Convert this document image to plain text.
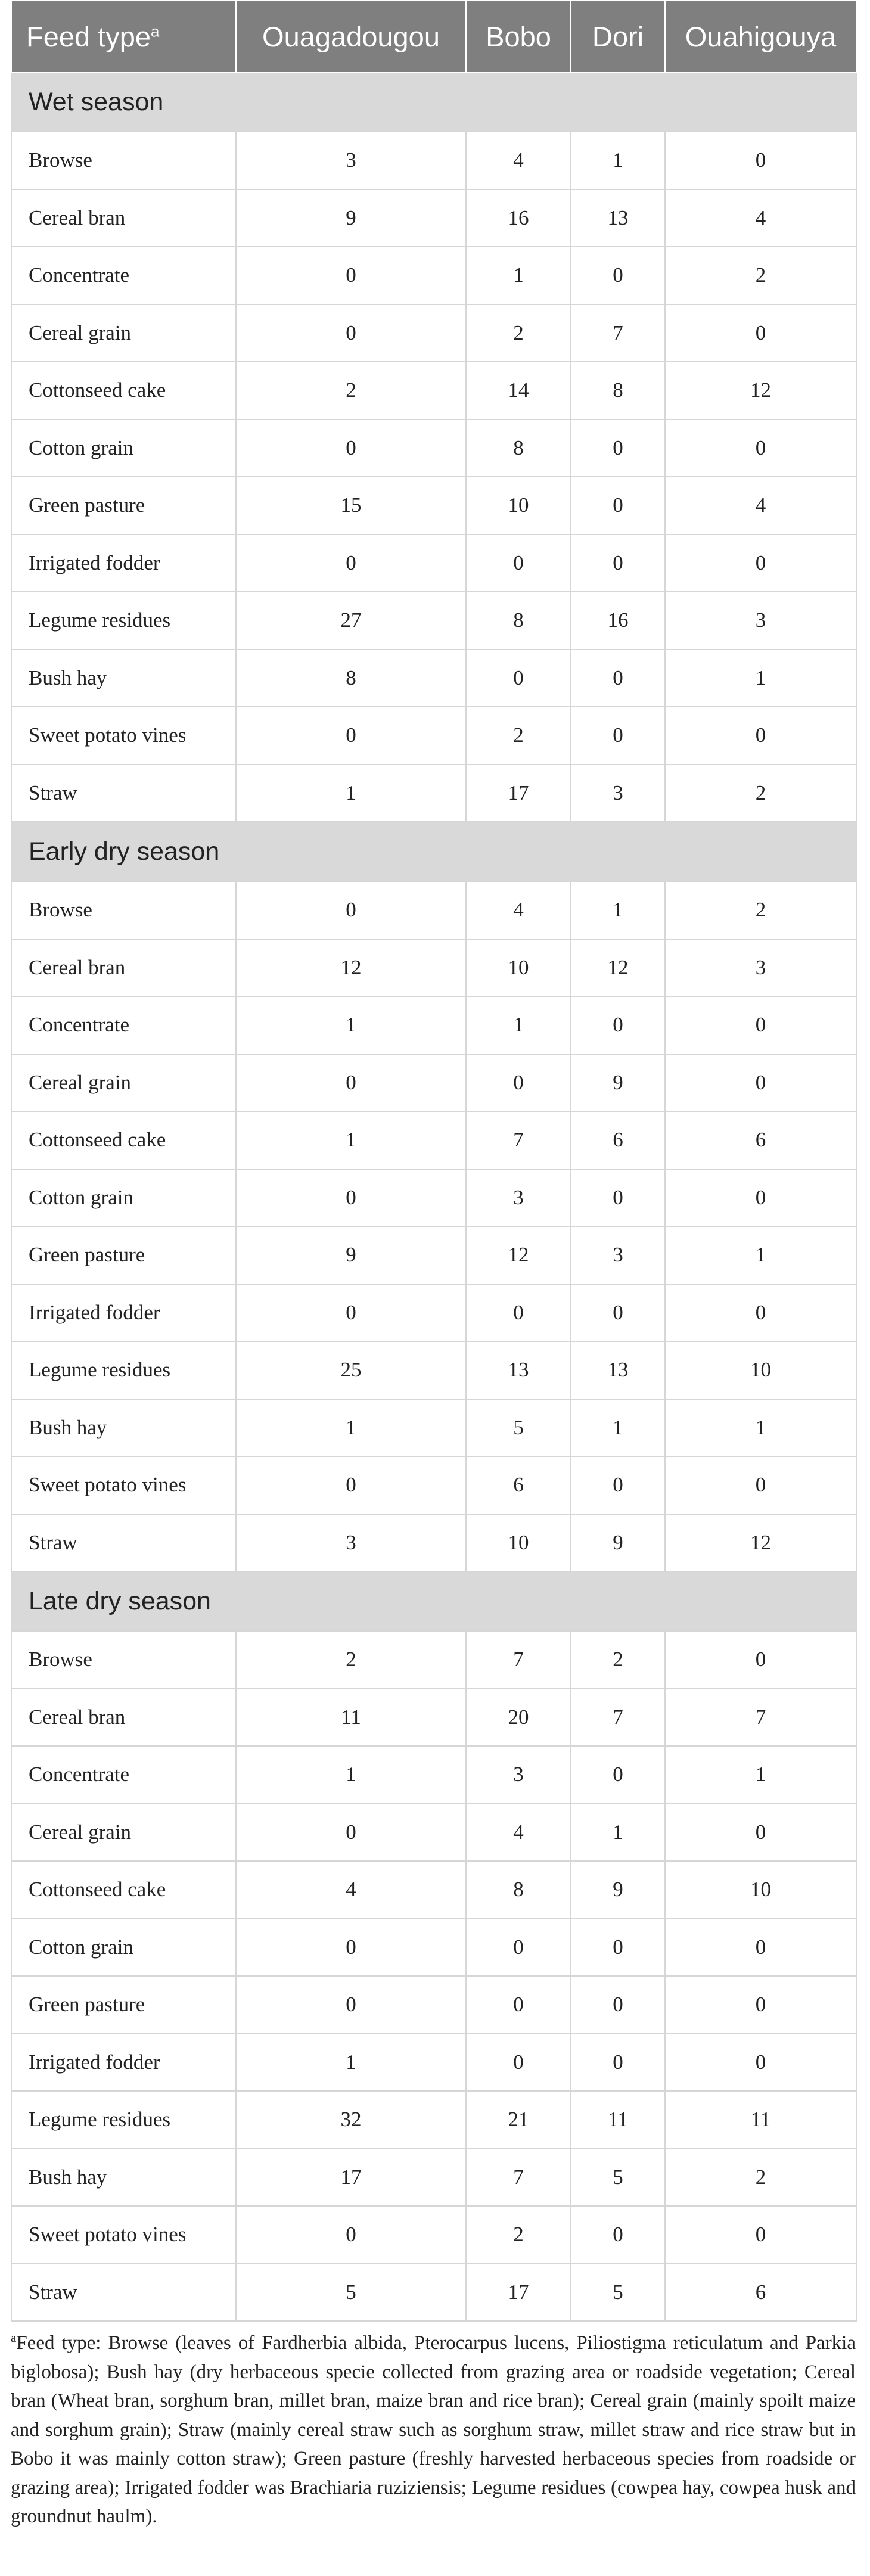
Feed type$^a$	Ouagadougou	Bobo	Dori	Ouahigouya
Wet season				
Browse	3	4	1	0
Cereal bran	9	16	13	4
Concentrate	0	1	0	2
Cereal grain	0	2	7	0
Cottonseed cake	2	14	8	12
Cotton grain	0	8	0	0
Green pasture	15	10	0	4
Irrigated fodder	0	0	0	0
Legume residues	27	8	16	3
Bush hay	8	0	0	1
Sweet potato vines	0	2	0	0
Straw	1	17	3	2
Early dry season				
Browse	0	4	1	2
Cereal bran	12	10	12	3
Concentrate	1	1	0	0
Cereal grain	0	0	9	0
Cottonseed cake	1	7	6	6
Cotton grain	0	3	0	0
Green pasture	9	12	3	1
Irrigated fodder	0	0	0	0
Legume residues	25	13	13	10
Bush hay	1	5	1	1
Sweet potato vines	0	6	0	0
Straw	3	10	9	12
Late dry season				
Browse	2	7	2	0
Cereal bran	11	20	7	7
Concentrate	1	3	0	1
Cereal grain	0	4	1	0
Cottonseed cake	4	8	9	10
Cotton grain	0	0	0	0
Green pasture	0	0	0	0
Irrigated fodder	1	0	0	0
Legume residues	32	21	11	11
Bush hay	17	7	5	2
Sweet potato vines	0	2	0	0
Straw	5	17	5	6
$^a$Feed type: Browse (leaves of Fardherbia albida, Pterocarpus lucens, Piliostigma reticulatum and Parkia biglobosa); Bush hay (dry herbaceous specie collected from grazing area or roadside vegetation; Cereal bran (Wheat bran, sorghum bran, millet bran, maize bran and rice bran); Cereal grain (mainly spoilt maize and sorghum grain); Straw (mainly cereal straw such as sorghum straw, millet straw and rice straw but in Bobo it was mainly cotton straw); Green pasture (freshly harvested herbaceous species from roadside or grazing area); Irrigated fodder was Brachiaria ruziziensis; Legume residues (cowpea hay, cowpea husk and groundnut haulm).
